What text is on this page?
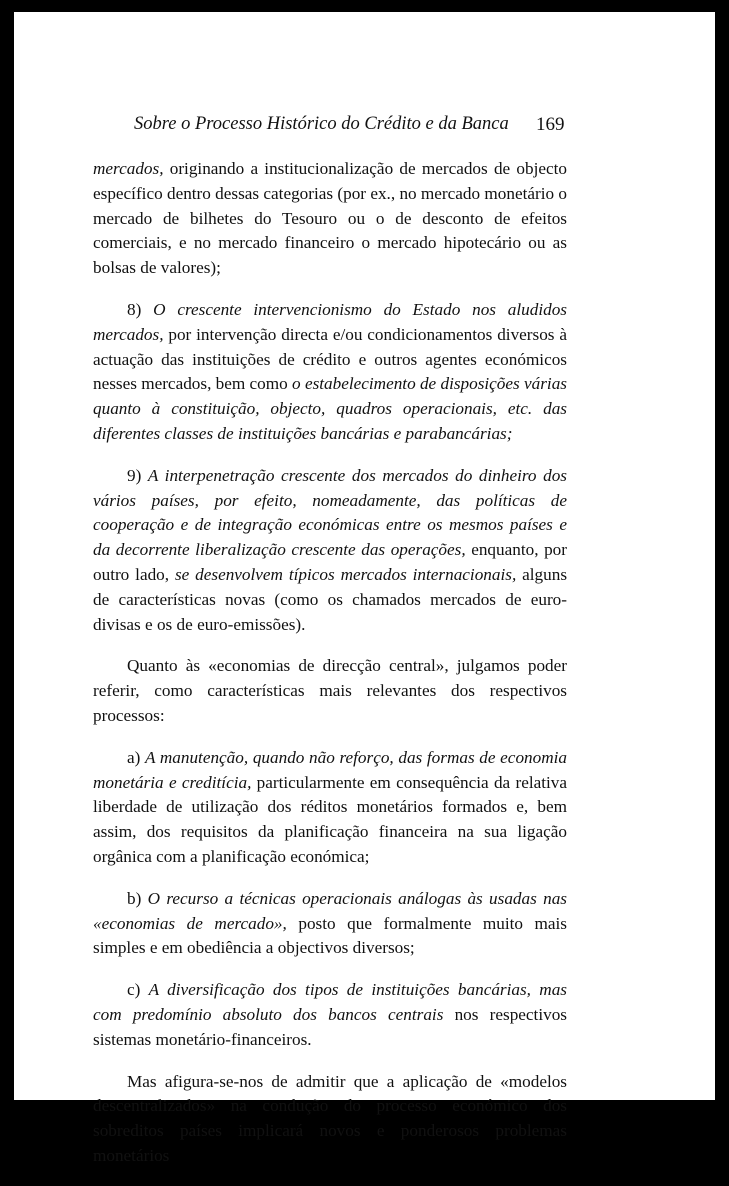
Sobre o Processo Histórico do Crédito e da Banca 169

mercados, originando a institucionalização de mercados de objecto específico dentro dessas categorias (por ex., no mercado monetário o mercado de bilhetes do Tesouro ou o de desconto de efeitos comerciais, e no mercado financeiro o mercado hipotecário ou as bolsas de valores);

8) O crescente intervencionismo do Estado nos aludidos mercados, por intervenção directa e/ou condicionamentos diversos à actuação das instituições de crédito e outros agentes económicos nesses mercados, bem como o estabelecimento de disposições várias quanto à constituição, objecto, quadros operacionais, etc. das diferentes classes de instituições bancárias e parabancárias;

9) A interpenetração crescente dos mercados do dinheiro dos vários países, por efeito, nomeadamente, das políticas de cooperação e de integração económicas entre os mesmos países e da decorrente liberalização crescente das operações, enquanto, por outro lado, se desenvolvem típicos mercados internacionais, alguns de características novas (como os chamados mercados de euro-divisas e os de euro-emissões).

Quanto às «economias de direcção central», julgamos poder referir, como características mais relevantes dos respectivos processos:

a) A manutenção, quando não reforço, das formas de economia monetária e creditícia, particularmente em consequência da relativa liberdade de utilização dos réditos monetários formados e, bem assim, dos requisitos da planificação financeira na sua ligação orgânica com a planificação económica;

b) O recurso a técnicas operacionais análogas às usadas nas «economias de mercado», posto que formalmente muito mais simples e em obediência a objectivos diversos;

c) A diversificação dos tipos de instituições bancárias, mas com predomínio absoluto dos bancos centrais nos respectivos sistemas monetário-financeiros.

Mas afigura-se-nos de admitir que a aplicação de «modelos descentralizados» na condução do processo económico dos sobreditos países implicará novos e ponderosos problemas monetários
